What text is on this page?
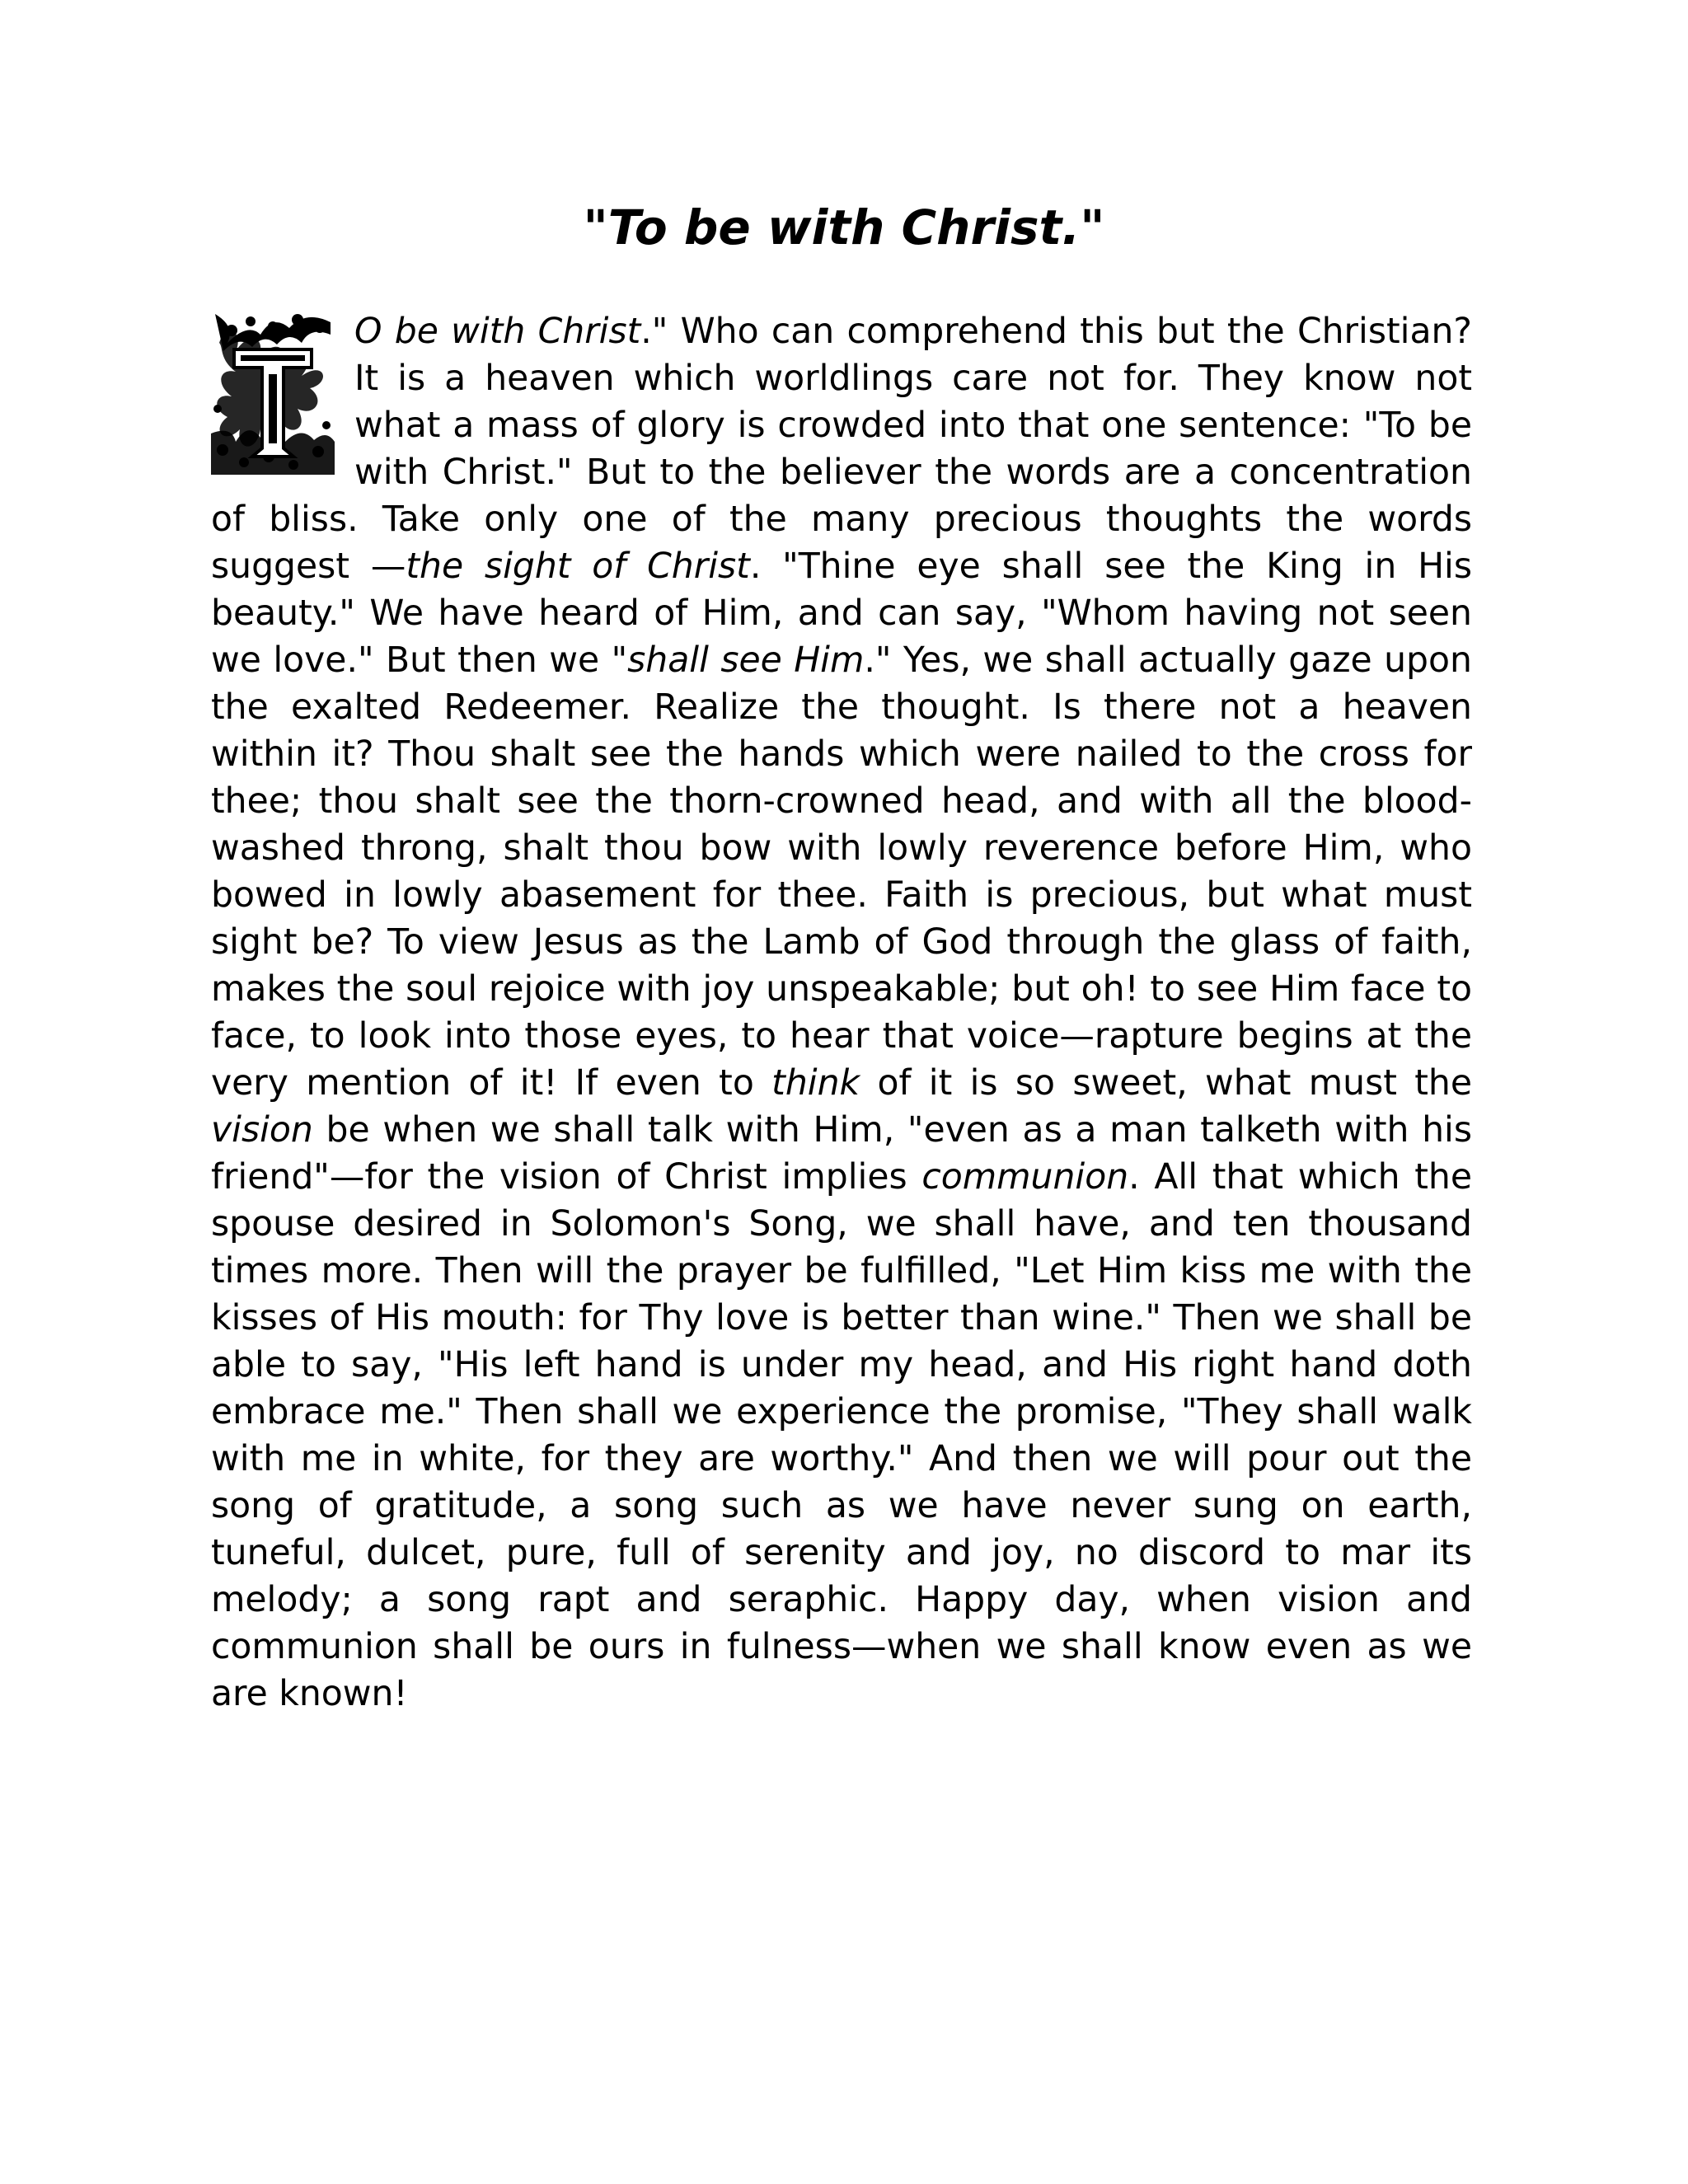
"To be with Christ."
O be with Christ." Who can comprehend this but the Christian? It is a heaven which worldlings care not for. They know not what a mass of glory is crowded into that one sentence: "To be with Christ." But to the believer the words are a concentration of bliss. Take only one of the many precious thoughts the words suggest —the sight of Christ. "Thine eye shall see the King in His beauty." We have heard of Him, and can say, "Whom having not seen we love." But then we "shall see Him." Yes, we shall actually gaze upon the exalted Redeemer. Realize the thought. Is there not a heaven within it? Thou shalt see the hands which were nailed to the cross for thee; thou shalt see the thorn-crowned head, and with all the blood-washed throng, shalt thou bow with lowly reverence before Him, who bowed in lowly abasement for thee. Faith is precious, but what must sight be? To view Jesus as the Lamb of God through the glass of faith, makes the soul rejoice with joy unspeakable; but oh! to see Him face to face, to look into those eyes, to hear that voice—rapture begins at the very mention of it! If even to think of it is so sweet, what must the vision be when we shall talk with Him, "even as a man talketh with his friend"—for the vision of Christ implies communion. All that which the spouse desired in Solomon's Song, we shall have, and ten thousand times more. Then will the prayer be fulfilled, "Let Him kiss me with the kisses of His mouth: for Thy love is better than wine." Then we shall be able to say, "His left hand is under my head, and His right hand doth embrace me." Then shall we experience the promise, "They shall walk with me in white, for they are worthy." And then we will pour out the song of gratitude, a song such as we have never sung on earth, tuneful, dulcet, pure, full of serenity and joy, no discord to mar its melody; a song rapt and seraphic. Happy day, when vision and communion shall be ours in fulness—when we shall know even as we are known!
